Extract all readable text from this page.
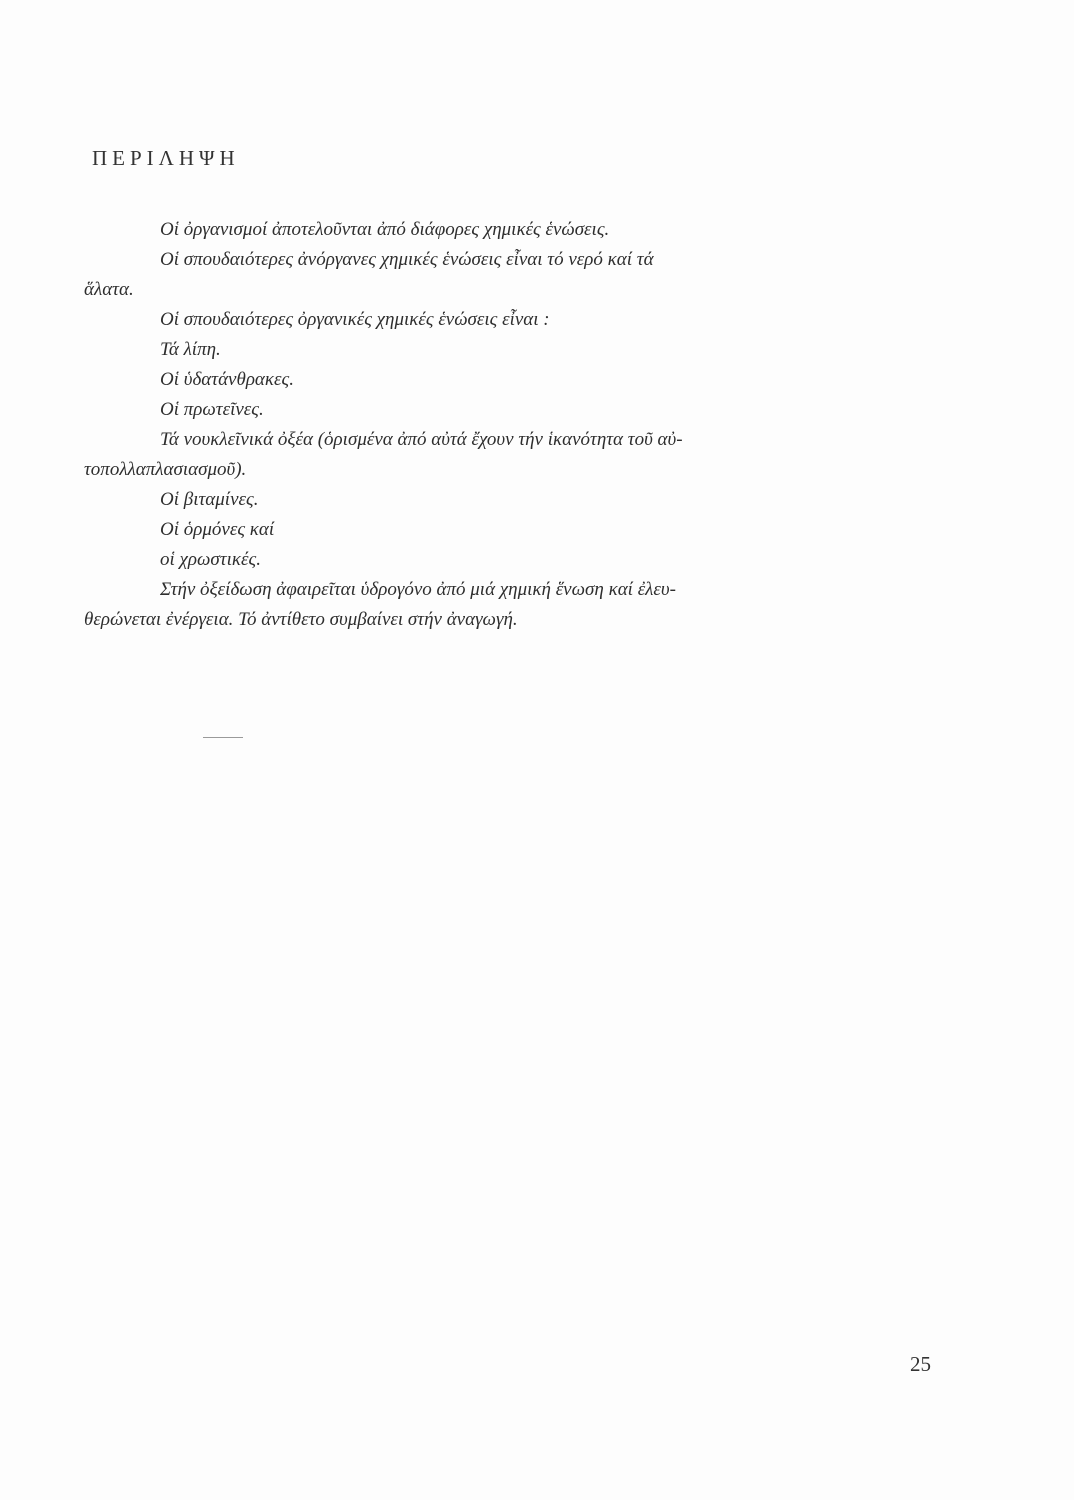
ΠΕΡΙΛΗΨΗ
Οἱ ὀργανισμοί ἀποτελοῦνται ἀπό διάφορες χημικές ἑνώσεις.
Οἱ σπουδαιότερες ἀνόργανες χημικές ἑνώσεις εἶναι τό νερό καί τά
ἅλατα.
Οἱ σπουδαιότερες ὀργανικές χημικές ἑνώσεις εἶναι :
Τά λίπη.
Οἱ ὑδατάνθρακες.
Οἱ πρωτεῖνες.
Τά νουκλεῖνικά ὀξέα (ὁρισμένα ἀπό αὐτά ἔχουν τήν ἱκανότητα τοῦ αὐ-
τοπολλαπλασιασμοῦ).
Οἱ βιταμίνες.
Οἱ ὁρμόνες καί
οἱ χρωστικές.
Στήν ὀξείδωση ἀφαιρεῖται ὑδρογόνο ἀπό μιά χημική ἕνωση καί ἐλευ-
θερώνεται ἐνέργεια. Τό ἀντίθετο συμβαίνει στήν ἀναγωγή.
25
